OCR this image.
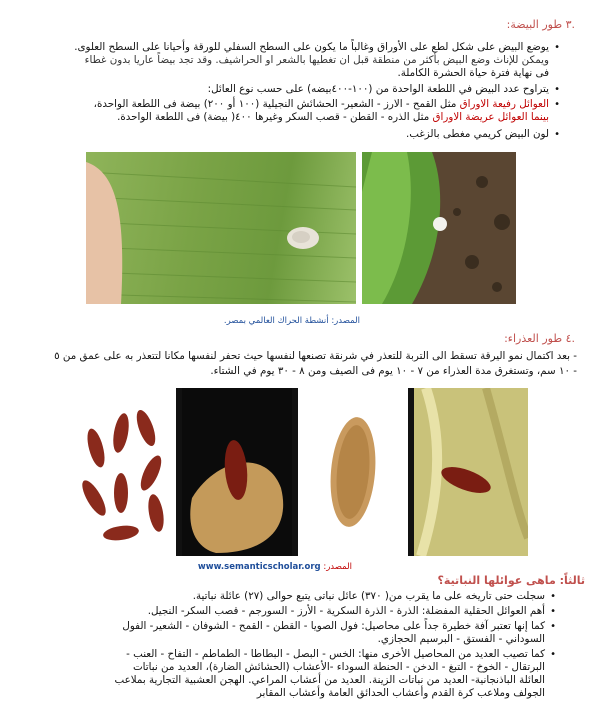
.٣ طور البيضة:
• يوضع البيض على شكل لطع على الأوراق وغالباً ما يكون على السطح السفلي للورقة وأحيانا على السطح العلوى.
ويمكن للإناث وضع البيض بأكثر من منطقة قبل ان تغطيها بالشعر او الحراشيف. وقد تجد بيضاً عاريا بدون غطاء
فى نهاية فترة حياة الحشرة الكاملة.
• يتراوح عدد البيض في اللطعة الواحدة من (١٠٠-٤٠٠بيضه) على حسب نوع العائل:
• العوائل رفيعة الاوراق مثل القمح - الارز - الشعير- الحشائش النجيلية (١٠٠ أو ٢٠٠) بيضة فى اللطعة الواحدة،
بينما العوائل عريضة الاوراق مثل الذره - القطن - قصب السكر وغيرها ٤٠٠( بيضة) فى اللطعة الواحدة.
• لون البيض كريمي مغطى بالزغب.
المصدر: أنشطة الحراك العالمي بمصر.
.٤ طور العذراء:
- بعد اكتمال نمو اليرقة تسقط الى التربة للتعذر في شرنقة تصنعها لنفسها حيث تحفر لنفسها مكانا لتتعذر به على عمق من ٥
- ١٠ سم، وتستغرق مدة العذراء من ٧ - ١٠ يوم فى الصيف ومن ٨ - ٣٠ يوم في الشتاء.
المصدر: www.semanticscholar.org
ثالثاً: ماهى عوائلها النباتية؟
• سجلت حتى تاريخه على ما يقرب من( ٣٧٠) عائل نباتى يتبع حوالى (٢٧) عائلة نباتية.
• أهم العوائل الحقلية المفضلة: الذرة - الذرة السكرية - الأرز - السورجم - قصب السكر- النجيل.
• كما إنها تعتبر آفة خطيرة جداً على محاصيل: فول الصويا - القطن - القمح - الشوفان - الشعير- الفول
السوداني - الفستق - البرسيم الحجازي.
• كما تصيب العديد من المحاصيل الأخرى منها: الخس - البصل - البطاطا - الطماطم - التفاح - العنب -
البرتقال - الخوخ - التبغ - الدخن - الحنطة السوداء -الأعشاب (الحشائش الضارة)، العديد من نباتات
العائلة الباذنجانية- العديد من نباتات الزينة. العديد من أعشاب المراعي. الهجن العشبية التجارية بملاعب
الجولف وملاعب كرة القدم وأعشاب الحدائق العامة وأعشاب المقابر
